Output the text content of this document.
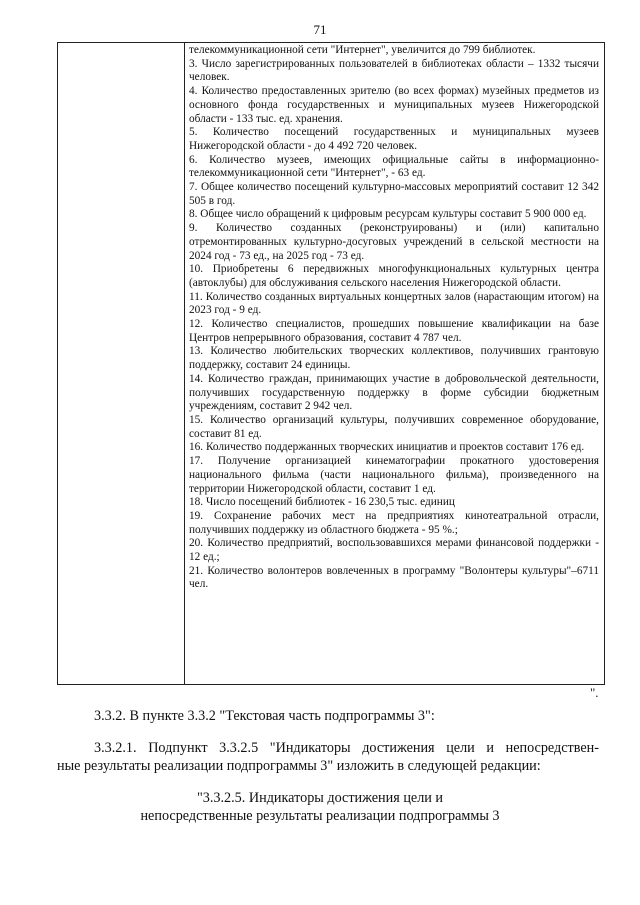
71

телекоммуникационной сети "Интернет", увеличится до 799 библиотек.

3. Число зарегистрированных пользователей в библиотеках области – 1332 тысячи человек.

4. Количество предоставленных зрителю (во всех формах) музейных предметов из основного фонда государственных и муниципальных музеев Нижегородской области - 133 тыс. ед. хранения.

5. Количество посещений государственных и муниципальных музеев Нижегородской области - до 4 492 720 человек.

6. Количество музеев, имеющих официальные сайты в информационно-телекоммуникационной сети "Интернет", - 63 ед.

7. Общее количество посещений культурно-массовых мероприятий составит 12 342 505 в год.

8. Общее число обращений к цифровым ресурсам культуры составит 5 900 000 ед.

9. Количество созданных (реконструированы) и (или) капитально отремонтированных культурно-досуговых учреждений в сельской местности на 2024 год - 73 ед., на 2025 год - 73 ед.

10. Приобретены 6 передвижных многофункциональных культурных центра (автоклубы) для обслуживания сельского населения Нижегородской области.

11. Количество созданных виртуальных концертных залов (нарастающим итогом) на 2023 год - 9 ед.

12. Количество специалистов, прошедших повышение квалификации на базе Центров непрерывного образования, составит 4 787 чел.

13. Количество любительских творческих коллективов, получивших грантовую поддержку, составит 24 единицы.

14. Количество граждан, принимающих участие в добровольческой деятельности, получивших государственную поддержку в форме субсидии бюджетным учреждениям, составит 2 942 чел.

15. Количество организаций культуры, получивших современное оборудование, составит 81 ед.

16. Количество поддержанных творческих инициатив и проектов составит 176 ед.

17. Получение организацией кинематографии прокатного удостоверения национального фильма (части национального фильма), произведенного на территории Нижегородской области, составит 1 ед.

18. Число посещений библиотек - 16 230,5 тыс. единиц

19. Сохранение рабочих мест на предприятиях кинотеатральной отрасли, получивших поддержку из областного бюджета - 95 %.;

20. Количество предприятий, воспользовавшихся мерами финансовой поддержки - 12 ед.;

21. Количество волонтеров вовлеченных в программу "Волонтеры культуры"–6711 чел.

".
3.3.2. В пункте 3.3.2 "Текстовая часть подпрограммы 3":
3.3.2.1. Подпункт 3.3.2.5 "Индикаторы достижения цели и непосредствен-
ные результаты реализации подпрограммы 3" изложить в следующей редакции:
"3.3.2.5. Индикаторы достижения цели и
непосредственные результаты реализации подпрограммы 3
